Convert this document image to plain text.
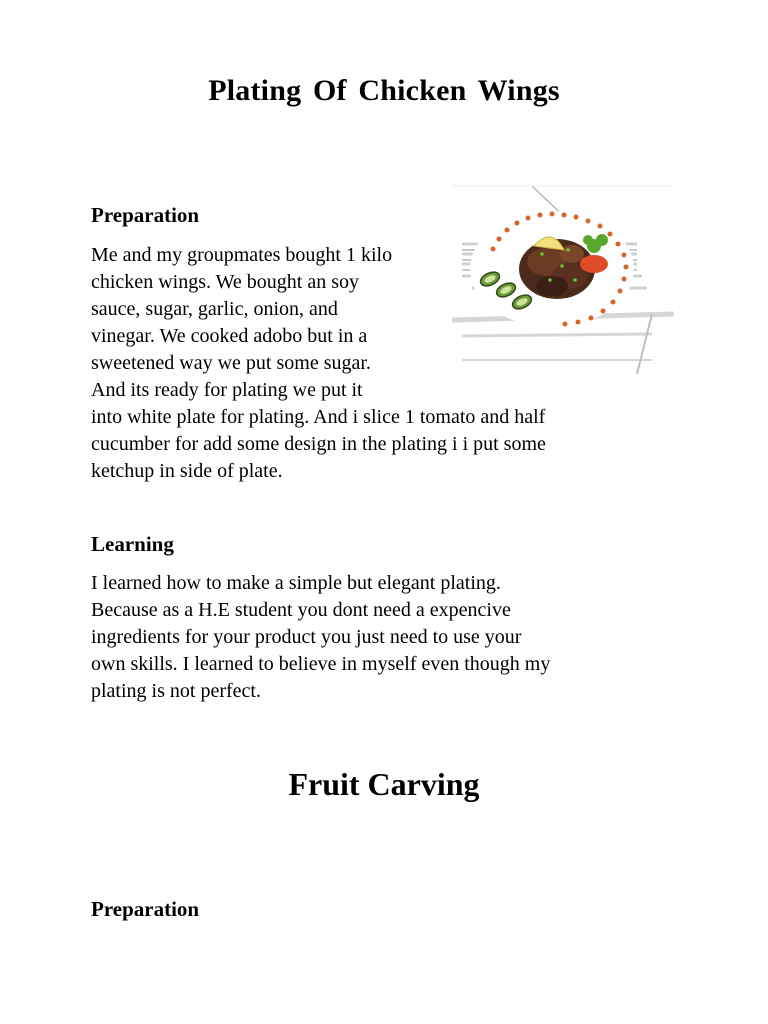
Plating Of Chicken Wings
Preparation
Me and my groupmates bought 1 kilo
chicken wings. We bought an soy
sauce, sugar, garlic, onion, and
vinegar. We cooked adobo but in a
sweetened way we put some sugar.
And its ready for plating we put it
into white plate for plating. And i slice 1 tomato and half
cucumber for add some design in the plating i i put some
ketchup in side of plate.
Learning
I learned how to make a simple but elegant plating.
Because as a H.E student you dont need a expencive
ingredients for your product you just need to use your
own skills. I learned to believe in myself even though my
plating is not perfect.
Fruit Carving
Preparation
